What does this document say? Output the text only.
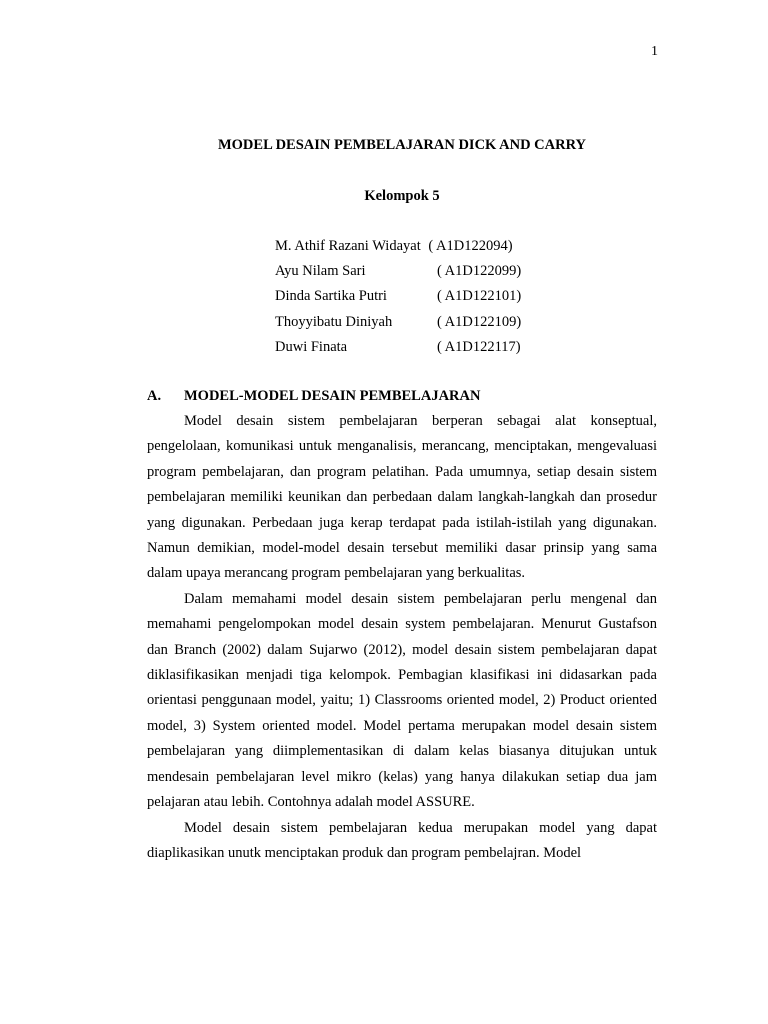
1
MODEL DESAIN PEMBELAJARAN DICK AND CARRY
Kelompok 5
M. Athif Razani Widayat ( A1D122094)
Ayu Nilam Sari	( A1D122099)
Dinda Sartika Putri	( A1D122101)
Thoyyibatu Diniyah	( A1D122109)
Duwi Finata	( A1D122117)
A. MODEL-MODEL DESAIN PEMBELAJARAN

Model desain sistem pembelajaran berperan sebagai alat konseptual, pengelolaan, komunikasi untuk menganalisis, merancang, menciptakan, mengevaluasi program pembelajaran, dan program pelatihan. Pada umumnya, setiap desain sistem pembelajaran memiliki keunikan dan perbedaan dalam langkah-langkah dan prosedur yang digunakan. Perbedaan juga kerap terdapat pada istilah-istilah yang digunakan. Namun demikian, model-model desain tersebut memiliki dasar prinsip yang sama dalam upaya merancang program pembelajaran yang berkualitas.

Dalam memahami model desain sistem pembelajaran perlu mengenal dan memahami pengelompokan model desain system pembelajaran. Menurut Gustafson dan Branch (2002) dalam Sujarwo (2012), model desain sistem pembelajaran dapat diklasifikasikan menjadi tiga kelompok. Pembagian klasifikasi ini didasarkan pada orientasi penggunaan model, yaitu; 1) Classrooms oriented model, 2) Product oriented model, 3) System oriented model. Model pertama merupakan model desain sistem pembelajaran yang diimplementasikan di dalam kelas biasanya ditujukan untuk mendesain pembelajaran level mikro (kelas) yang hanya dilakukan setiap dua jam pelajaran atau lebih. Contohnya adalah model ASSURE.

Model desain sistem pembelajaran kedua merupakan model yang dapat diaplikasikan unutk menciptakan produk dan program pembelajran. Model
